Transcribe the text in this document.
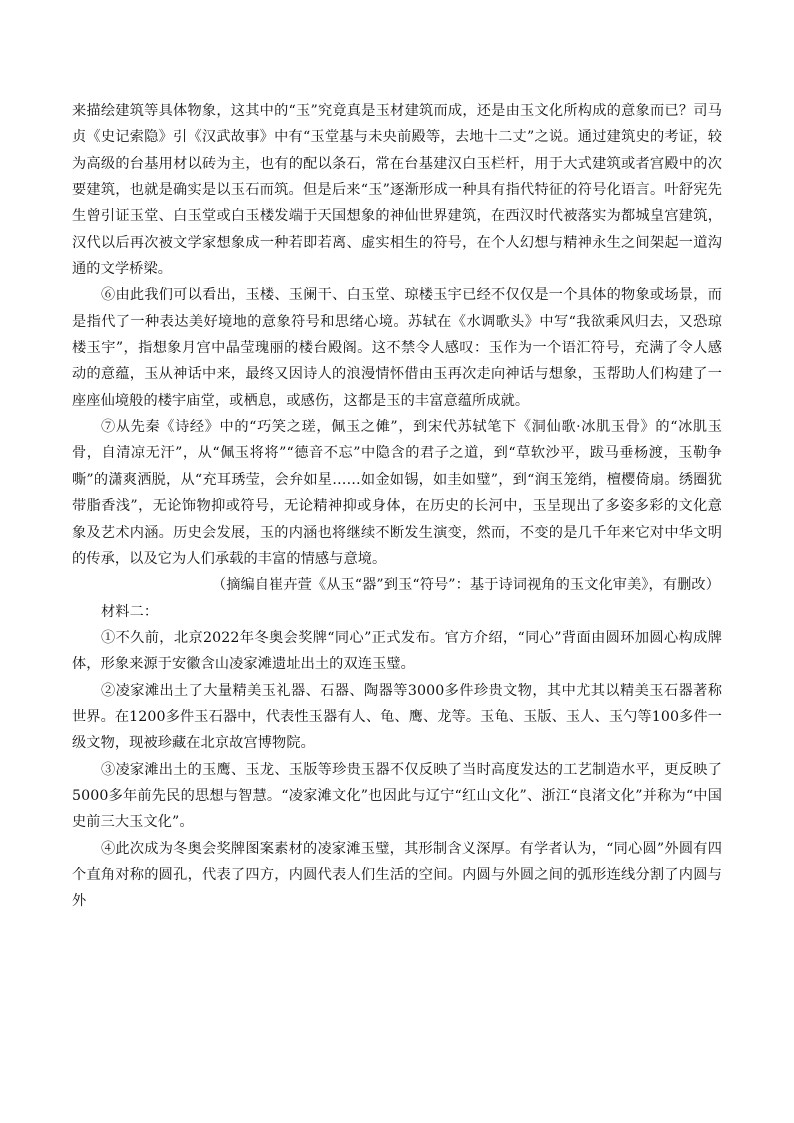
来描绘建筑等具体物象，这其中的“玉”究竟真是玉材建筑而成，还是由玉文化所构成的意象而已？司马贞《史记索隐》引《汉武故事》中有“玉堂基与未央前殿等，去地十二丈”之说。通过建筑史的考证，较为高级的台基用材以砖为主，也有的配以条石，常在台基建汉白玉栏杆，用于大式建筑或者宫殿中的次要建筑，也就是确实是以玉石而筑。但是后来“玉”逐渐形成一种具有指代特征的符号化语言。叶舒宪先生曾引证玉堂、白玉堂或白玉楼发端于天国想象的神仙世界建筑，在西汉时代被落实为都城皇宫建筑，汉代以后再次被文学家想象成一种若即若离、虚实相生的符号，在个人幻想与精神永生之间架起一道沟通的文学桥梁。

⑥由此我们可以看出，玉楼、玉阑干、白玉堂、琼楼玉宇已经不仅仅是一个具体的物象或场景，而是指代了一种表达美好境地的意象符号和思绪心境。苏轼在《水调歌头》中写“我欲乘风归去，又恐琼楼玉宇”，指想象月宫中晶莹瑰丽的楼台殿阁。这不禁令人感叹：玉作为一个语汇符号，充满了令人感动的意蕴，玉从神话中来，最终又因诗人的浪漫情怀借由玉再次走向神话与想象，玉帮助人们构建了一座座仙境般的楼宇庙堂，或栖息，或感伤，这都是玉的丰富意蕴所成就。

⑦从先秦《诗经》中的“巧笑之瑳，佩玉之傩”，到宋代苏轼笔下《洞仙歌·冰肌玉骨》的“冰肌玉骨，自清凉无汗”，从“佩玉将将”“德音不忘”中隐含的君子之道，到“草软沙平，跋马垂杨渡，玉勒争嘶”的潇爽洒脱，从“充耳琇莹，会弁如星……如金如锡，如圭如璧”，到“润玉笼绡，檀樱倚扇。绣圈犹带脂香浅”，无论饰物抑或符号，无论精神抑或身体，在历史的长河中，玉呈现出了多姿多彩的文化意象及艺术内涵。历史会发展，玉的内涵也将继续不断发生演变，然而，不变的是几千年来它对中华文明的传承，以及它为人们承载的丰富的情感与意境。

（摘编自崔卉萱《从玉“器”到玉“符号”：基于诗词视角的玉文化审美》，有删改）

材料二：

①不久前，北京2022年冬奥会奖牌“同心”正式发布。官方介绍，“同心”背面由圆环加圆心构成牌体，形象来源于安徽含山凌家滩遗址出土的双连玉璧。

②凌家滩出土了大量精美玉礼器、石器、陶器等3000多件珍贵文物，其中尤其以精美玉石器著称世界。在1200多件玉石器中，代表性玉器有人、龟、鹰、龙等。玉龟、玉版、玉人、玉勺等100多件一级文物，现被珍藏在北京故宫博物院。

③凌家滩出土的玉鹰、玉龙、玉版等珍贵玉器不仅反映了当时高度发达的工艺制造水平，更反映了5000多年前先民的思想与智慧。“凌家滩文化”也因此与辽宁“红山文化”、浙江“良渚文化”并称为“中国史前三大玉文化”。

④此次成为冬奥会奖牌图案素材的凌家滩玉璧，其形制含义深厚。有学者认为，“同心圆”外圆有四个直角对称的圆孔，代表了四方，内圆代表人们生活的空间。内圆与外圆之间的弧形连线分割了内圆与外
